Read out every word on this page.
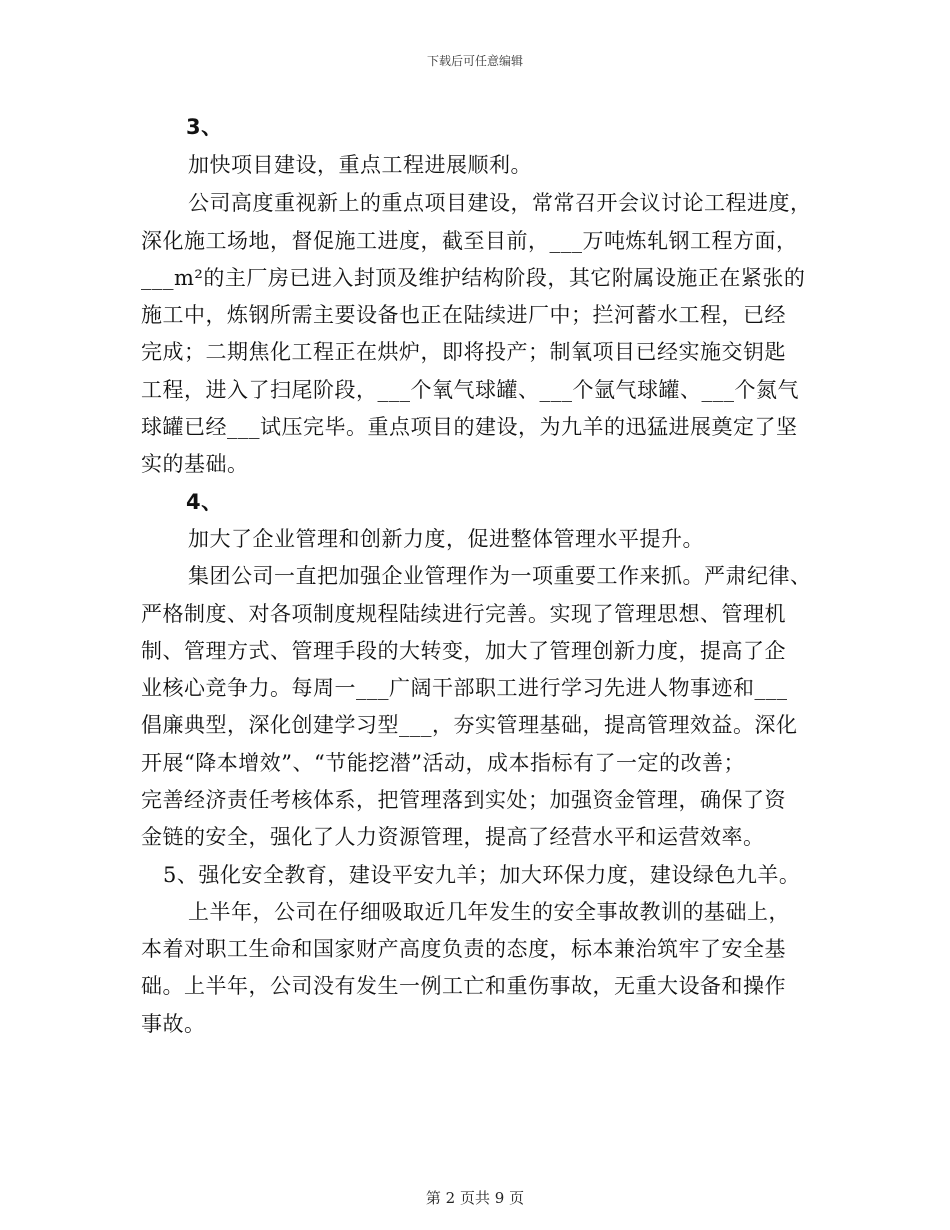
下载后可任意编辑
3、
加快项目建设，重点工程进展顺利。
公司高度重视新上的重点项目建设，常常召开会议讨论工程进度，
深化施工场地，督促施工进度，截至目前，___万吨炼轧钢工程方面，
___m²的主厂房已进入封顶及维护结构阶段，其它附属设施正在紧张的
施工中，炼钢所需主要设备也正在陆续进厂中；拦河蓄水工程，已经
完成；二期焦化工程正在烘炉，即将投产；制氧项目已经实施交钥匙
工程，进入了扫尾阶段，___个氧气球罐、___个氩气球罐、___个氮气
球罐已经___试压完毕。重点项目的建设，为九羊的迅猛进展奠定了坚
实的基础。
4、
加大了企业管理和创新力度，促进整体管理水平提升。
集团公司一直把加强企业管理作为一项重要工作来抓。严肃纪律、
严格制度、对各项制度规程陆续进行完善。实现了管理思想、管理机
制、管理方式、管理手段的大转变，加大了管理创新力度，提高了企
业核心竞争力。每周一___广阔干部职工进行学习先进人物事迹和___
倡廉典型，深化创建学习型___，夯实管理基础，提高管理效益。深化
开展“降本增效”、“节能挖潜”活动，成本指标有了一定的改善；
完善经济责任考核体系，把管理落到实处；加强资金管理，确保了资
金链的安全，强化了人力资源管理，提高了经营水平和运营效率。
5、强化安全教育，建设平安九羊；加大环保力度，建设绿色九羊。
上半年，公司在仔细吸取近几年发生的安全事故教训的基础上，
本着对职工生命和国家财产高度负责的态度，标本兼治筑牢了安全基
础。上半年，公司没有发生一例工亡和重伤事故，无重大设备和操作
事故。
第 2 页共 9 页
